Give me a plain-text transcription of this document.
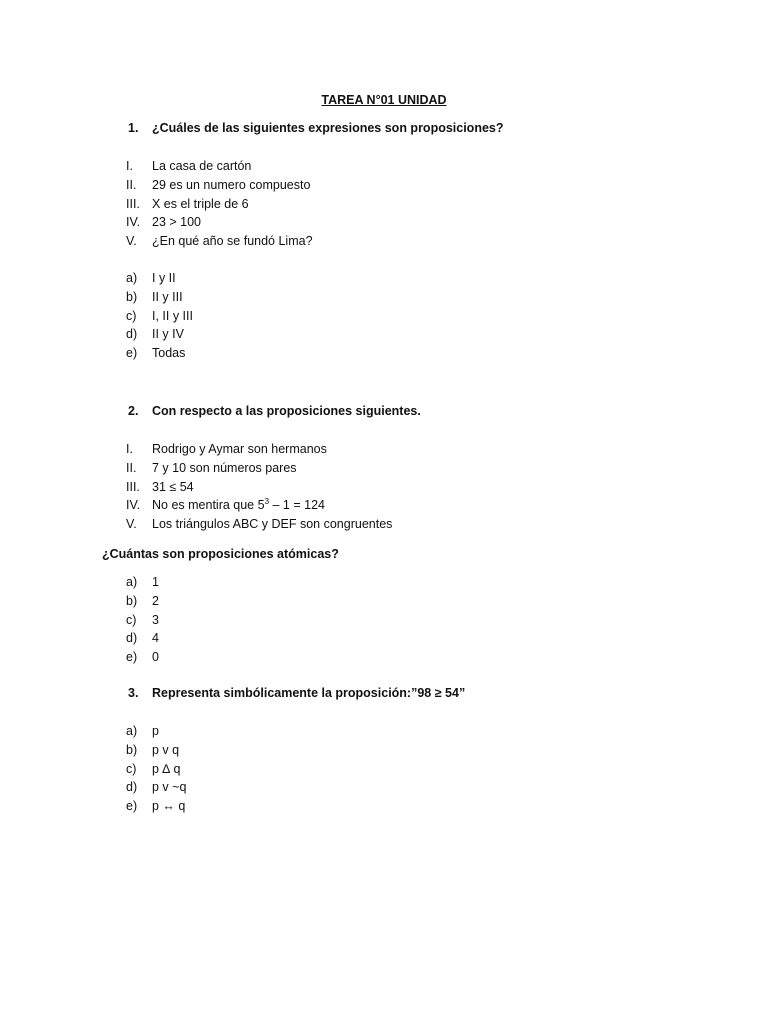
TAREA N°01 UNIDAD
1. ¿Cuáles de las siguientes expresiones son proposiciones?
I. La casa de cartón
II. 29 es un numero compuesto
III. X es el triple de 6
IV. 23 > 100
V. ¿En qué año se fundó Lima?
a) I y II
b) II y III
c) I, II y III
d) II y IV
e) Todas
2. Con respecto a las proposiciones siguientes.
I. Rodrigo y Aymar son hermanos
II. 7 y 10 son números pares
III. 31 ≤ 54
IV. No es mentira que $5^3 - 1 = 124$
V. Los triángulos ABC y DEF son congruentes
¿Cuántas son proposiciones atómicas?
a) 1
b) 2
c) 3
d) 4
e) 0
3. Representa simbólicamente la proposición:”98 ≥ 54”
a) p
b) p v q
c) p ∆ q
d) p v ~q
e) p ↔ q
